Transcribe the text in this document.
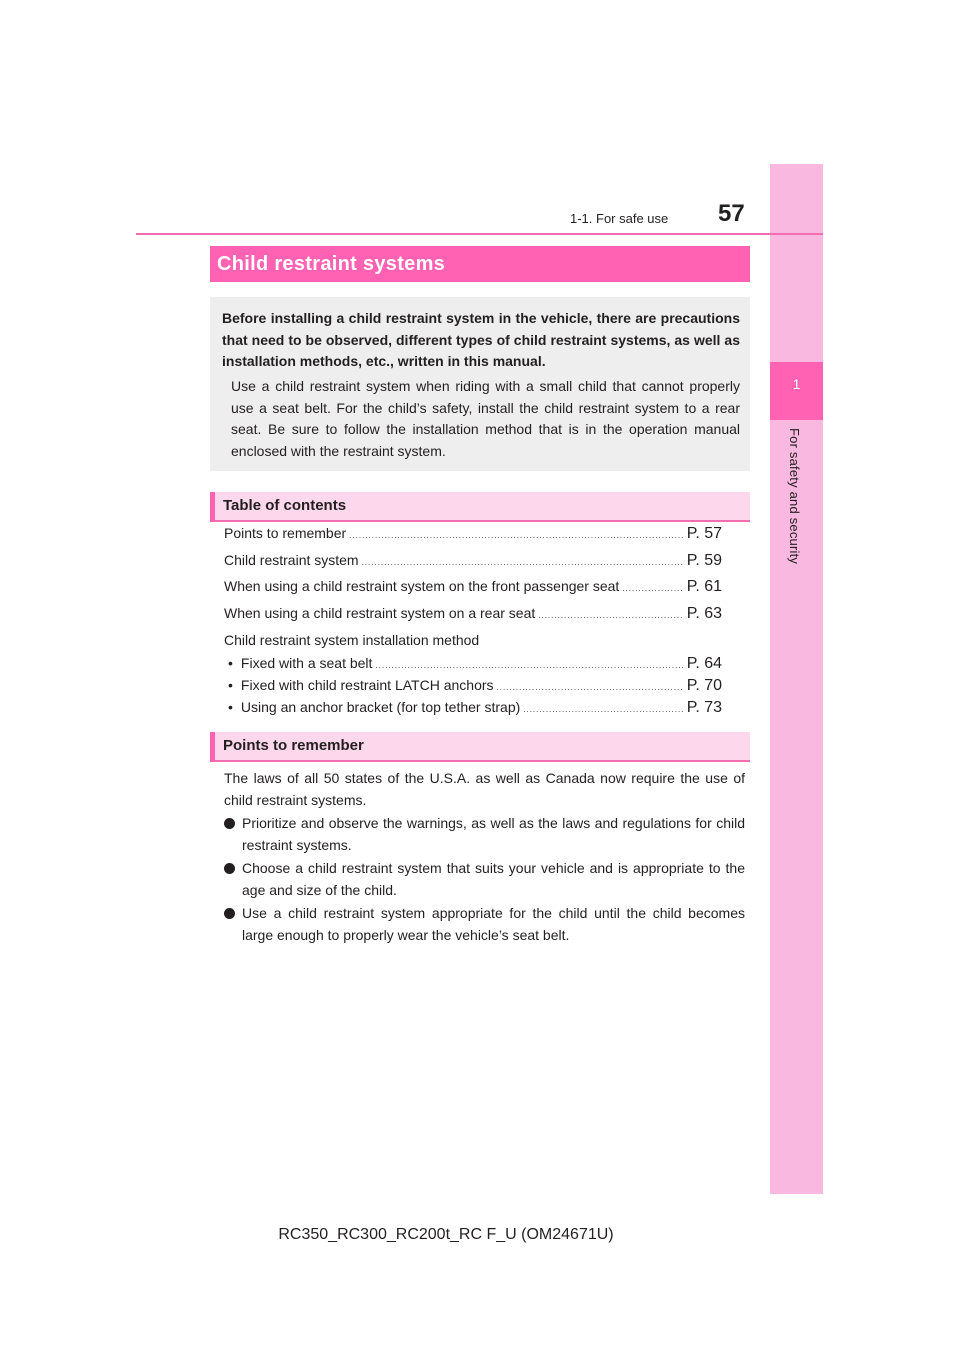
1
For safety and security
1-1. For safe use 57
Child restraint systems
Before installing a child restraint system in the vehicle, there are precautions that need to be observed, different types of child restraint systems, as well as installation methods, etc., written in this manual.
Use a child restraint system when riding with a small child that cannot properly use a seat belt. For the child’s safety, install the child restraint system to a rear seat. Be sure to follow the installation method that is in the operation manual enclosed with the restraint system.
Table of contents
Points to remember .....	P. 57
Child restraint system .....	P. 59
When using a child restraint system on the front passenger seat .....	P. 61
When using a child restraint system on a rear seat .....	P. 63
Child restraint system installation method
• Fixed with a seat belt .....	P. 64
• Fixed with child restraint LATCH anchors .....	P. 70
• Using an anchor bracket (for top tether strap) .....	P. 73
Points to remember
The laws of all 50 states of the U.S.A. as well as Canada now require the use of child restraint systems.
Prioritize and observe the warnings, as well as the laws and regulations for child restraint systems.
Choose a child restraint system that suits your vehicle and is appropriate to the age and size of the child.
Use a child restraint system appropriate for the child until the child becomes large enough to properly wear the vehicle’s seat belt.
RC350_RC300_RC200t_RC F_U (OM24671U)
